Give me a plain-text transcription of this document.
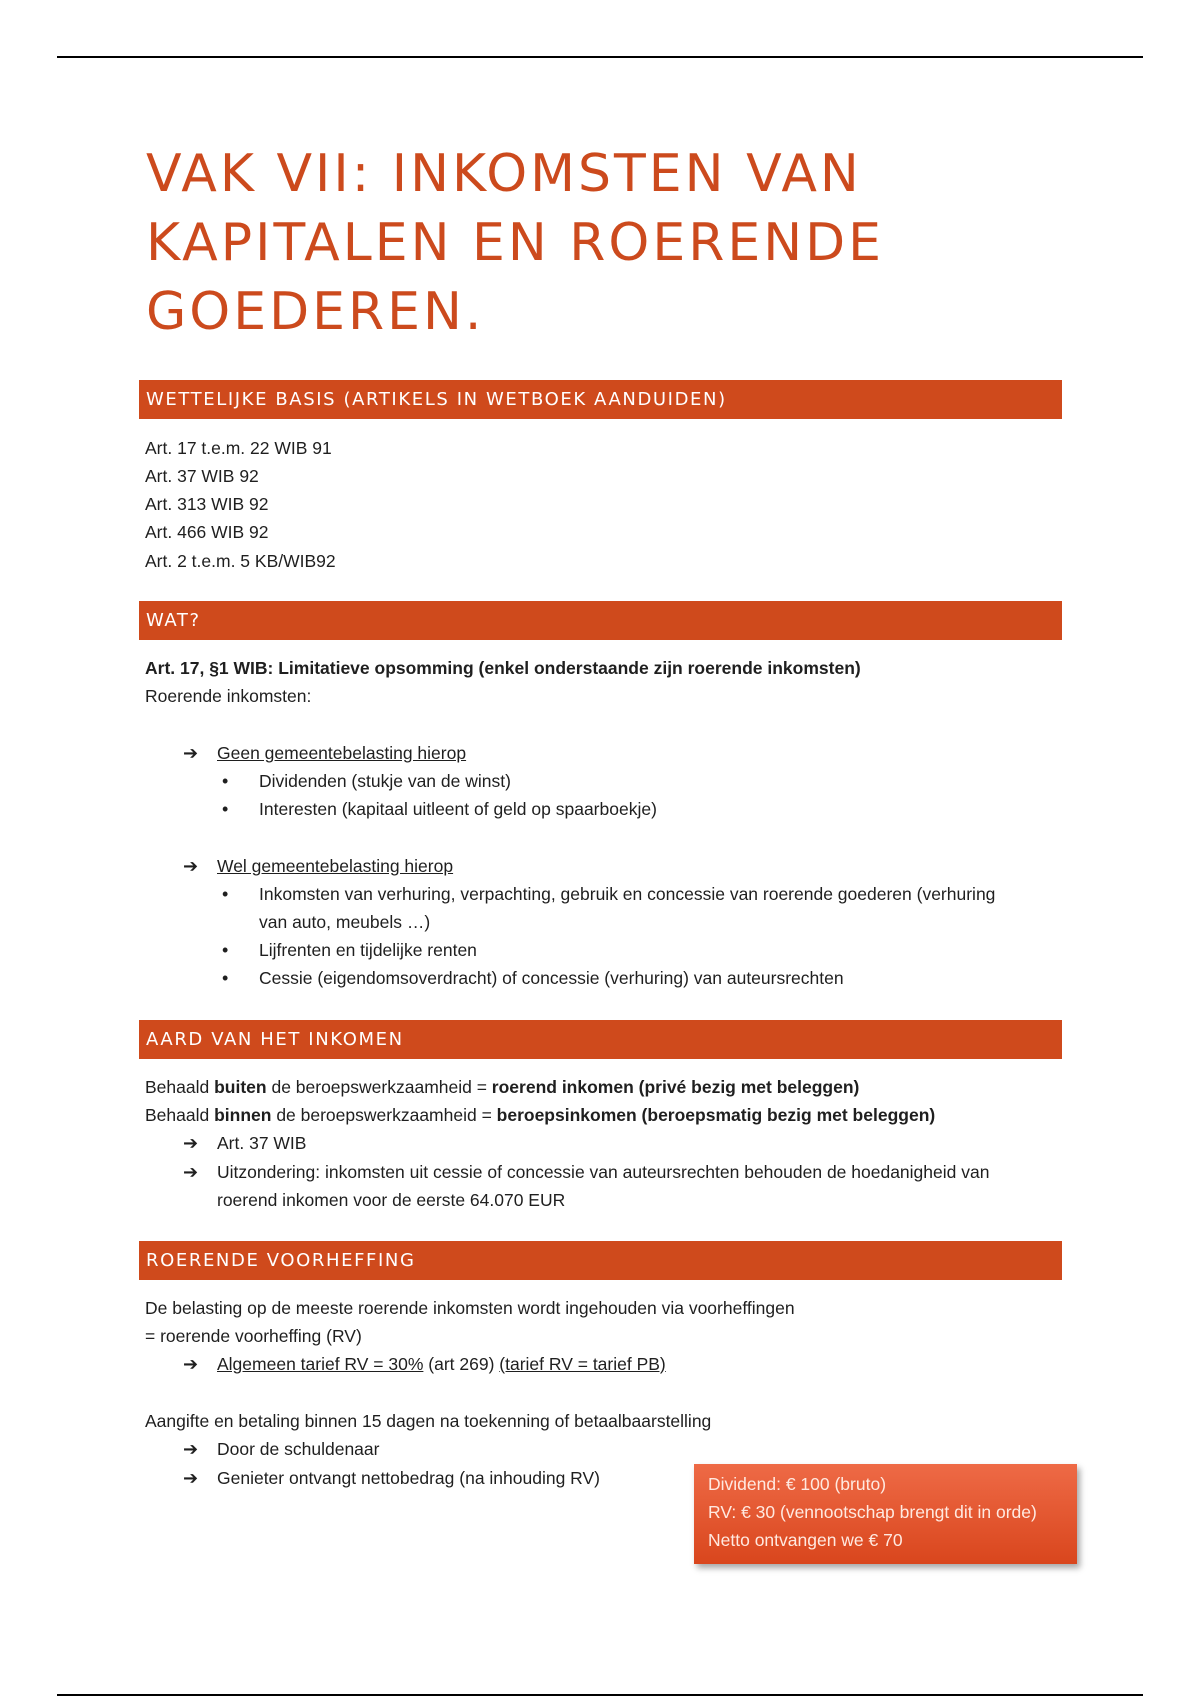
VAK VII: INKOMSTEN VAN
KAPITALEN EN ROERENDE
GOEDEREN.
WETTELIJKE BASIS (ARTIKELS IN WETBOEK AANDUIDEN)
Art. 17 t.e.m. 22 WIB 91
Art. 37 WIB 92
Art. 313 WIB 92
Art. 466 WIB 92
Art. 2 t.e.m. 5 KB/WIB92
WAT?
Art. 17, §1 WIB: Limitatieve opsomming (enkel onderstaande zijn roerende inkomsten)
Roerende inkomsten:
➔ Geen gemeentebelasting hierop
• Dividenden (stukje van de winst)
• Interesten (kapitaal uitleent of geld op spaarboekje)
➔ Wel gemeentebelasting hierop
• Inkomsten van verhuring, verpachting, gebruik en concessie van roerende goederen (verhuring
van auto, meubels …)
• Lijfrenten en tijdelijke renten
• Cessie (eigendomsoverdracht) of concessie (verhuring) van auteursrechten
AARD VAN HET INKOMEN
Behaald buiten de beroepswerkzaamheid = roerend inkomen (privé bezig met beleggen)
Behaald binnen de beroepswerkzaamheid = beroepsinkomen (beroepsmatig bezig met beleggen)
➔ Art. 37 WIB
➔ Uitzondering: inkomsten uit cessie of concessie van auteursrechten behouden de hoedanigheid van
roerend inkomen voor de eerste 64.070 EUR
ROERENDE VOORHEFFING
De belasting op de meeste roerende inkomsten wordt ingehouden via voorheffingen
= roerende voorheffing (RV)
➔ Algemeen tarief RV = 30% (art 269) (tarief RV = tarief PB)
Aangifte en betaling binnen 15 dagen na toekenning of betaalbaarstelling
➔ Door de schuldenaar
➔ Genieter ontvangt nettobedrag (na inhouding RV)	Dividend: € 100 (bruto)
RV: € 30 (vennootschap brengt dit in orde)
Netto ontvangen we € 70
